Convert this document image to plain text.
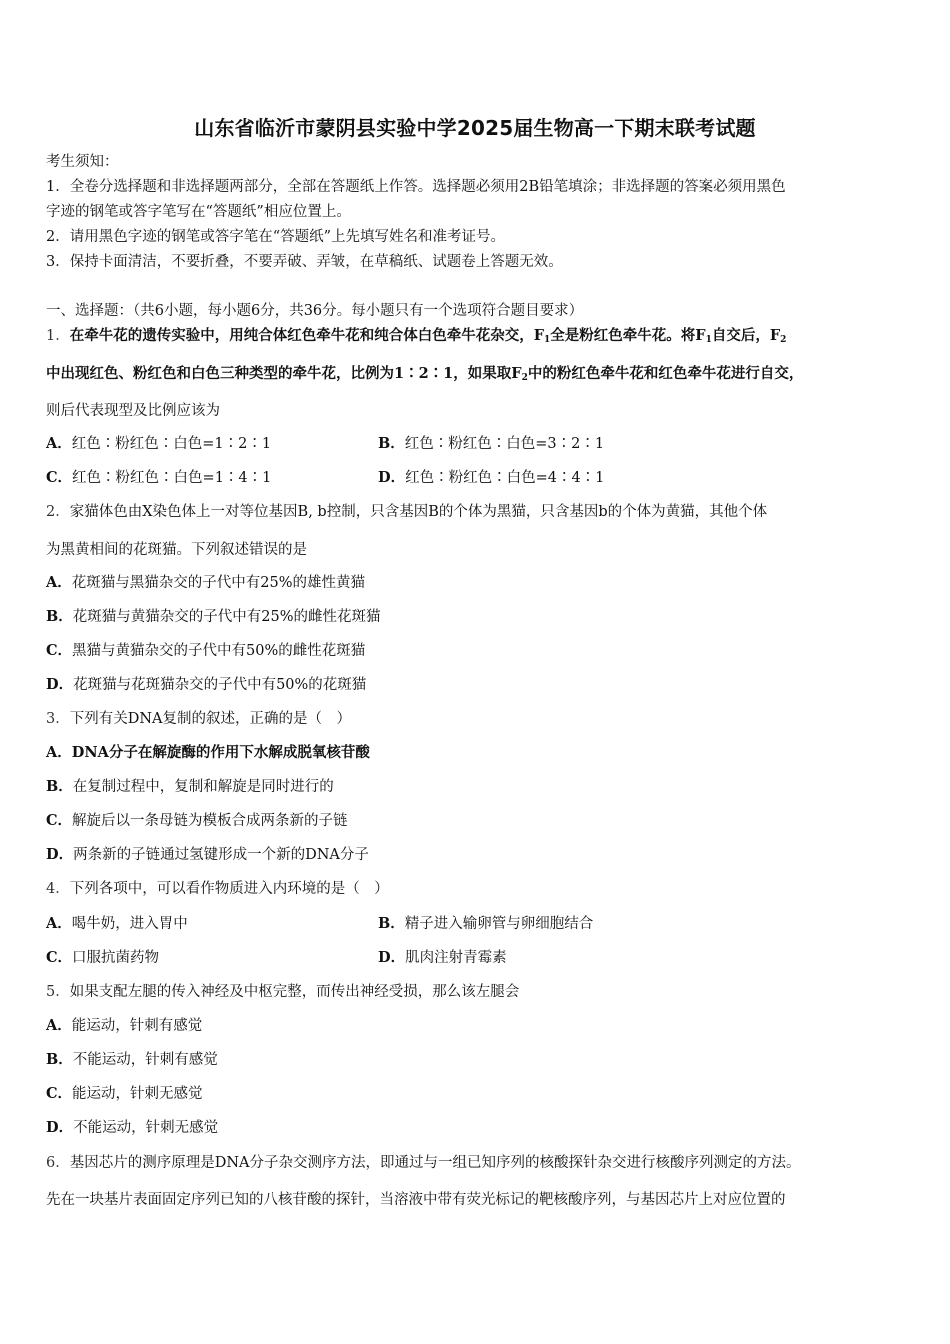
山东省临沂市蒙阴县实验中学2025届生物高一下期末联考试题
考生须知：
1．全卷分选择题和非选择题两部分，全部在答题纸上作答。选择题必须用2B铅笔填涂；非选择题的答案必须用黑色
字迹的钢笔或答字笔写在“答题纸”相应位置上。
2．请用黑色字迹的钢笔或答字笔在“答题纸”上先填写姓名和准考证号。
3．保持卡面清洁，不要折叠，不要弄破、弄皱，在草稿纸、试题卷上答题无效。
一、选择题：（共6小题，每小题6分，共36分。每小题只有一个选项符合题目要求）
1．在牵牛花的遗传实验中，用纯合体红色牵牛花和纯合体白色牵牛花杂交，$F_1$全是粉红色牵牛花。将$F_1$自交后，$F_2$
中出现红色、粉红色和白色三种类型的牵牛花，比例为1∶2∶1，如果取$F_2$中的粉红色牵牛花和红色牵牛花进行自交，
则后代表现型及比例应该为
A．红色∶粉红色∶白色=1∶2∶1	B．红色∶粉红色∶白色=3∶2∶1
C．红色∶粉红色∶白色=1∶4∶1	D．红色∶粉红色∶白色=4∶4∶1
2．家猫体色由X染色体上一对等位基因B, b控制，只含基因B的个体为黑猫，只含基因b的个体为黄猫，其他个体
为黑黄相间的花斑猫。下列叙述错误的是
A．花斑猫与黑猫杂交的子代中有25%的雄性黄猫
B．花斑猫与黄猫杂交的子代中有25%的雌性花斑猫
C．黑猫与黄猫杂交的子代中有50%的雌性花斑猫
D．花斑猫与花斑猫杂交的子代中有50%的花斑猫
3．下列有关DNA复制的叙述，正确的是（　）
A．DNA分子在解旋酶的作用下水解成脱氧核苷酸
B．在复制过程中，复制和解旋是同时进行的
C．解旋后以一条母链为模板合成两条新的子链
D．两条新的子链通过氢键形成一个新的DNA分子
4．下列各项中，可以看作物质进入内环境的是（　）
A．喝牛奶，进入胃中	B．精子进入输卵管与卵细胞结合
C．口服抗菌药物	D．肌肉注射青霉素
5．如果支配左腿的传入神经及中枢完整，而传出神经受损，那么该左腿会
A．能运动，针刺有感觉
B．不能运动，针刺有感觉
C．能运动，针刺无感觉
D．不能运动，针刺无感觉
6．基因芯片的测序原理是DNA分子杂交测序方法，即通过与一组已知序列的核酸探针杂交进行核酸序列测定的方法。
先在一块基片表面固定序列已知的八核苷酸的探针，当溶液中带有荧光标记的靶核酸序列，与基因芯片上对应位置的
